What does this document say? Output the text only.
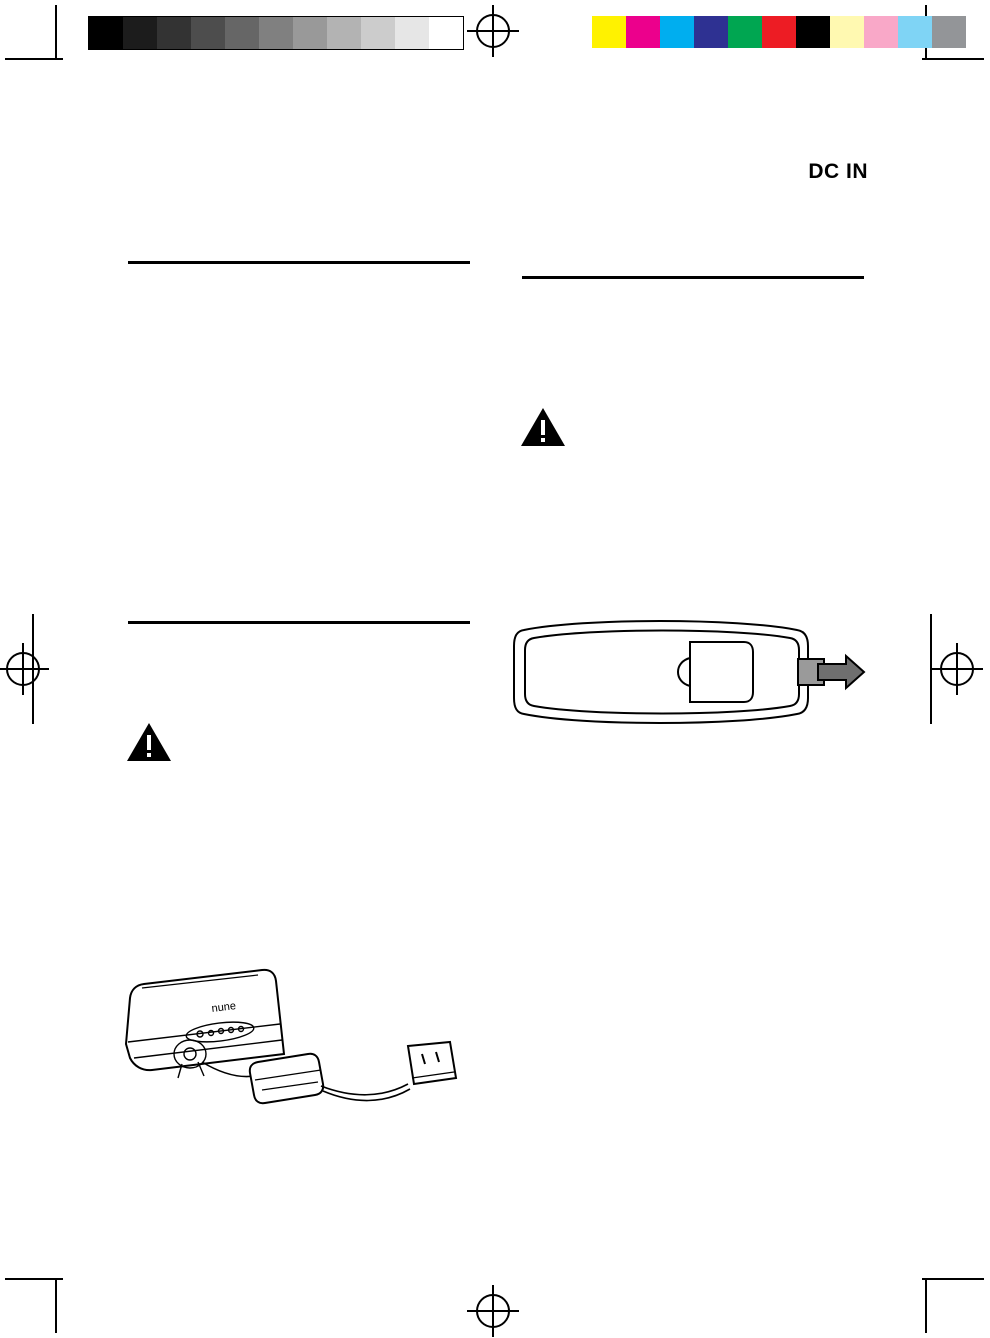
DC IN
nune
